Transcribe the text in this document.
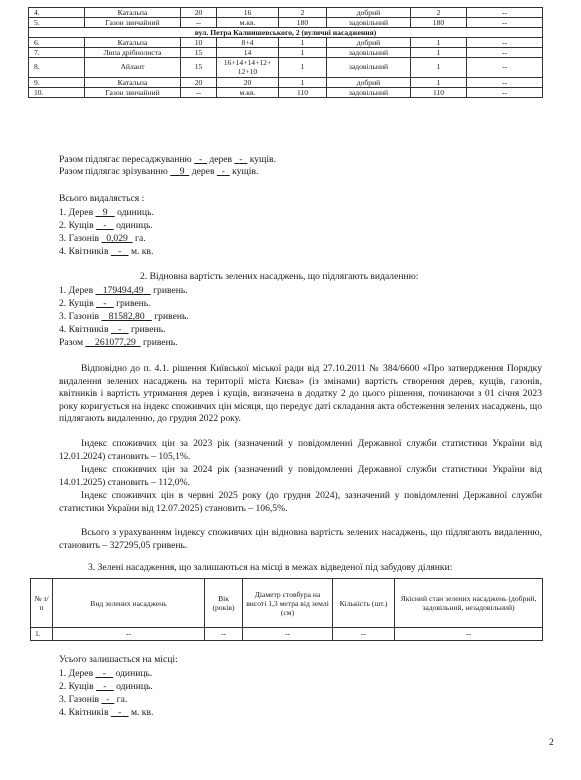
4.	Катальпа	20	16	2	добрий	2	--
5.	Газон звичайний	--	м.кв.	180	задовільний	180	--
вул. Петра Калнишевського, 2 (вуличні насадження)							
6.	Катальпа	10	8+4	1	добрий	1	--
7.	Липа дрібнолиста	15	14	1	задовільний	1	--
8.	Айлант	15	16+14+14+12+ 12+10	1	задовільний	1	--
9.	Катальпа	20	20	1	добрий	1	--
10.	Газон звичайний	--	м.кв.	110	задовільний	110	--
Разом підлягає пересаджуванню - дерев - кущів.
Разом підлягає зрізуванню 9 дерев - кущів.
Всього видаляється :
1. Дерев 9 одиниць.
2. Кущів - одиниць.
3. Газонів 0,029 га.
4. Квітників - м. кв.
2. Відновна вартість зелених насаджень, що підлягають видаленню:
1. Дерев 179494,49 гривень.
2. Кущів - гривень.
3. Газонів 81582,80 гривень.
4. Квітників - гривень.
Разом 261077,29 гривень.
Відповідно до п. 4.1. рішення Київської міської ради від 27.10.2011 № 384/6600 «Про затвердження Порядку видалення зелених насаджень на території міста Києва» (із змінами) вартість створення дерев, кущів, газонів, квітників і вартість утримання дерев і кущів, визначена в додатку 2 до цього рішення, починаючи з 01 січня 2023 року коригується на індекс споживчих цін місяця, що передує даті складання акта обстеження зелених насаджень, що підлягають видаленню, до грудня 2022 року.
Індекс споживчих цін за 2023 рік (зазначений у повідомленні Державної служби статистики України від 12.01.2024) становить – 105,1%.
Індекс споживчих цін за 2024 рік (зазначений у повідомленні Державної служби статистики України від 14.01.2025) становить – 112,0%.
Індекс споживчих цін в червні 2025 року (до грудня 2024), зазначений у повідомленні Державної служби статистики України від 12.07.2025) становить – 106,5%.
Всього з урахуванням індексу споживчих цін відновна вартість зелених насаджень, що підлягають видаленню, становить – 327295,05 гривень.
3. Зелені насадження, що залишаються на місці в межах відведеної під забудову ділянки:
№ з/п	Вид зелених насаджень	Вік (років)	Діаметр стовбура на висоті 1,3 метра від землі (см)	Кількість (шт.)	Якісний стан зелених насаджень (добрий, задовільний, незадовільний)
1.	--	--	--	--	--
Усього залишається на місці:
1. Дерев - одиниць.
2. Кущів - одиниць.
3. Газонів - га.
4. Квітників - м. кв.
2
